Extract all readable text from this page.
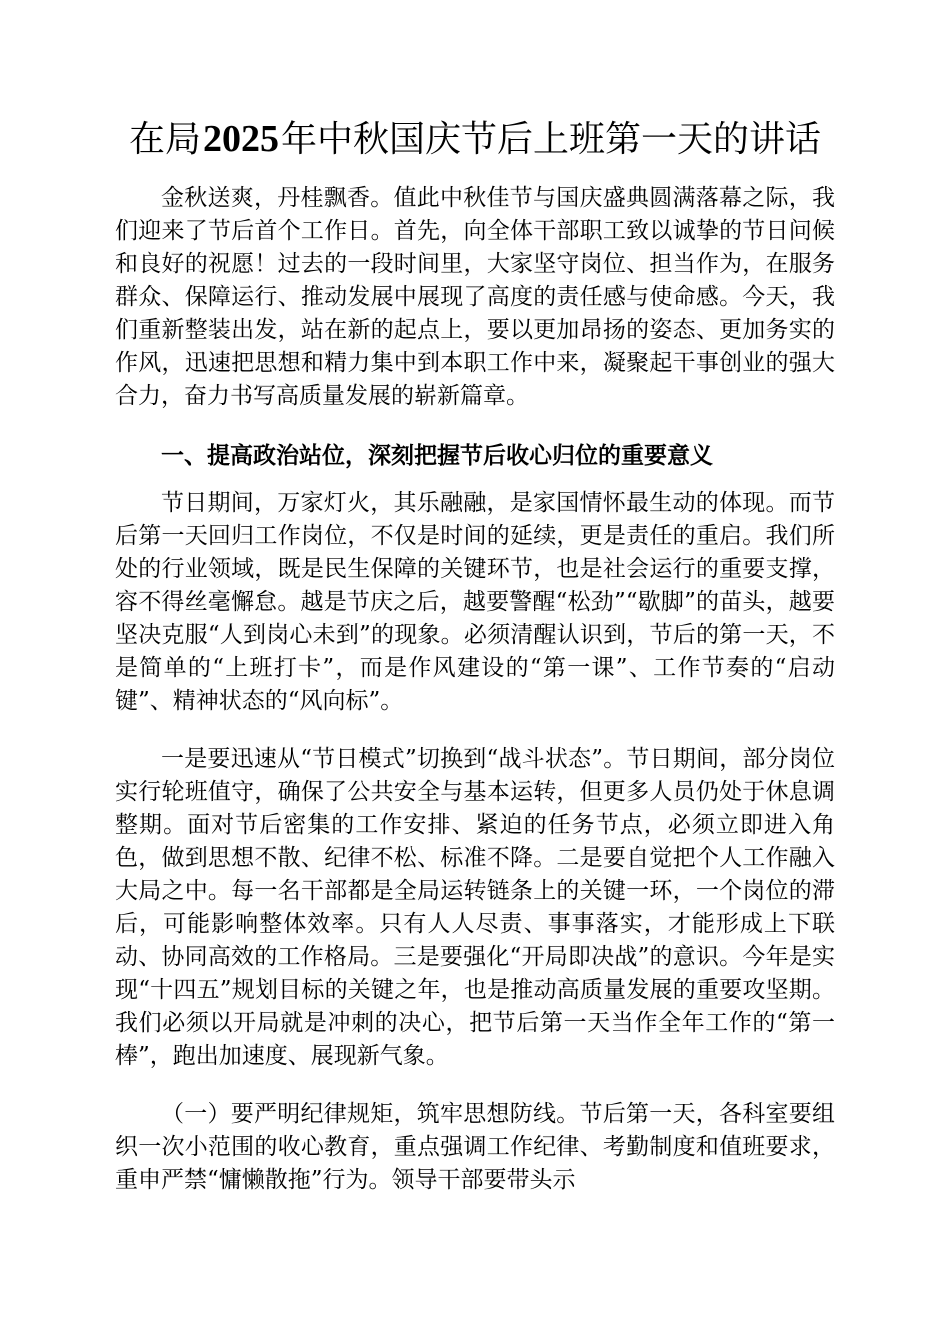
在局2025年中秋国庆节后上班第一天的讲话

金秋送爽，丹桂飘香。值此中秋佳节与国庆盛典圆满落幕之际，我们迎来了节后首个工作日。首先，向全体干部职工致以诚挚的节日问候和良好的祝愿！过去的一段时间里，大家坚守岗位、担当作为，在服务群众、保障运行、推动发展中展现了高度的责任感与使命感。今天，我们重新整装出发，站在新的起点上，要以更加昂扬的姿态、更加务实的作风，迅速把思想和精力集中到本职工作中来，凝聚起干事创业的强大合力，奋力书写高质量发展的崭新篇章。

一、提高政治站位，深刻把握节后收心归位的重要意义

节日期间，万家灯火，其乐融融，是家国情怀最生动的体现。而节后第一天回归工作岗位，不仅是时间的延续，更是责任的重启。我们所处的行业领域，既是民生保障的关键环节，也是社会运行的重要支撑，容不得丝毫懈怠。越是节庆之后，越要警醒“松劲”“歇脚”的苗头，越要坚决克服“人到岗心未到”的现象。必须清醒认识到，节后的第一天，不是简单的“上班打卡”，而是作风建设的“第一课”、工作节奏的“启动键”、精神状态的“风向标”。

一是要迅速从“节日模式”切换到“战斗状态”。节日期间，部分岗位实行轮班值守，确保了公共安全与基本运转，但更多人员仍处于休息调整期。面对节后密集的工作安排、紧迫的任务节点，必须立即进入角色，做到思想不散、纪律不松、标准不降。二是要自觉把个人工作融入大局之中。每一名干部都是全局运转链条上的关键一环，一个岗位的滞后，可能影响整体效率。只有人人尽责、事事落实，才能形成上下联动、协同高效的工作格局。三是要强化“开局即决战”的意识。今年是实现“十四五”规划目标的关键之年，也是推动高质量发展的重要攻坚期。我们必须以开局就是冲刺的决心，把节后第一天当作全年工作的“第一棒”，跑出加速度、展现新气象。

（一）要严明纪律规矩，筑牢思想防线。节后第一天，各科室要组织一次小范围的收心教育，重点强调工作纪律、考勤制度和值班要求，重申严禁“慵懒散拖”行为。领导干部要带头示
